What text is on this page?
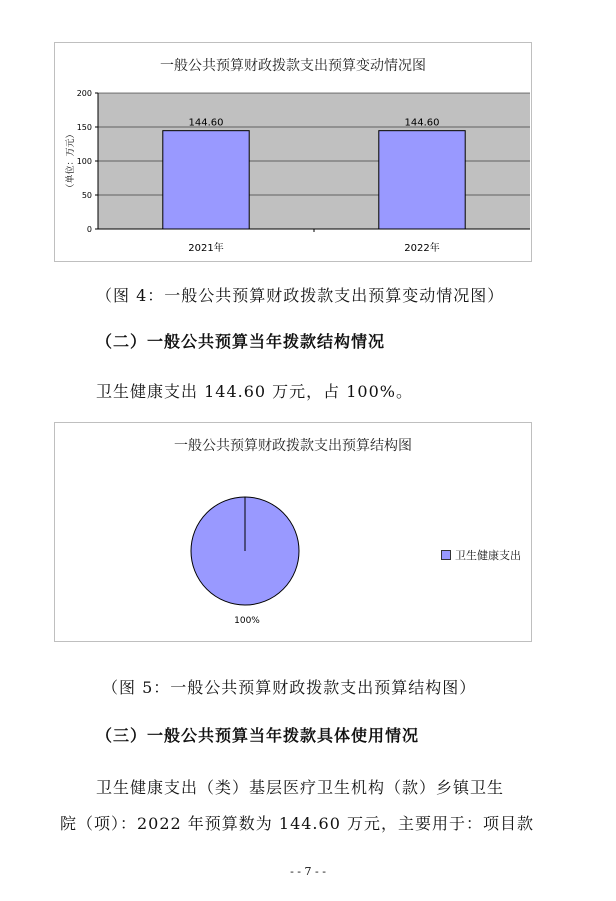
一般公共预算财政拨款支出预算变动情况图
（单位：万元）
0
50
100
150
200
144.60
2021年
144.60
2022年
（图 4：一般公共预算财政拨款支出预算变动情况图）
（二）一般公共预算当年拨款结构情况
卫生健康支出 144.60 万元，占 100%。
一般公共预算财政拨款支出预算结构图
100%
卫生健康支出
（图 5：一般公共预算财政拨款支出预算结构图）
（三）一般公共预算当年拨款具体使用情况
卫生健康支出（类）基层医疗卫生机构（款）乡镇卫生
院（项）：2022 年预算数为 144.60 万元，主要用于：项目款
- - 7 - -
